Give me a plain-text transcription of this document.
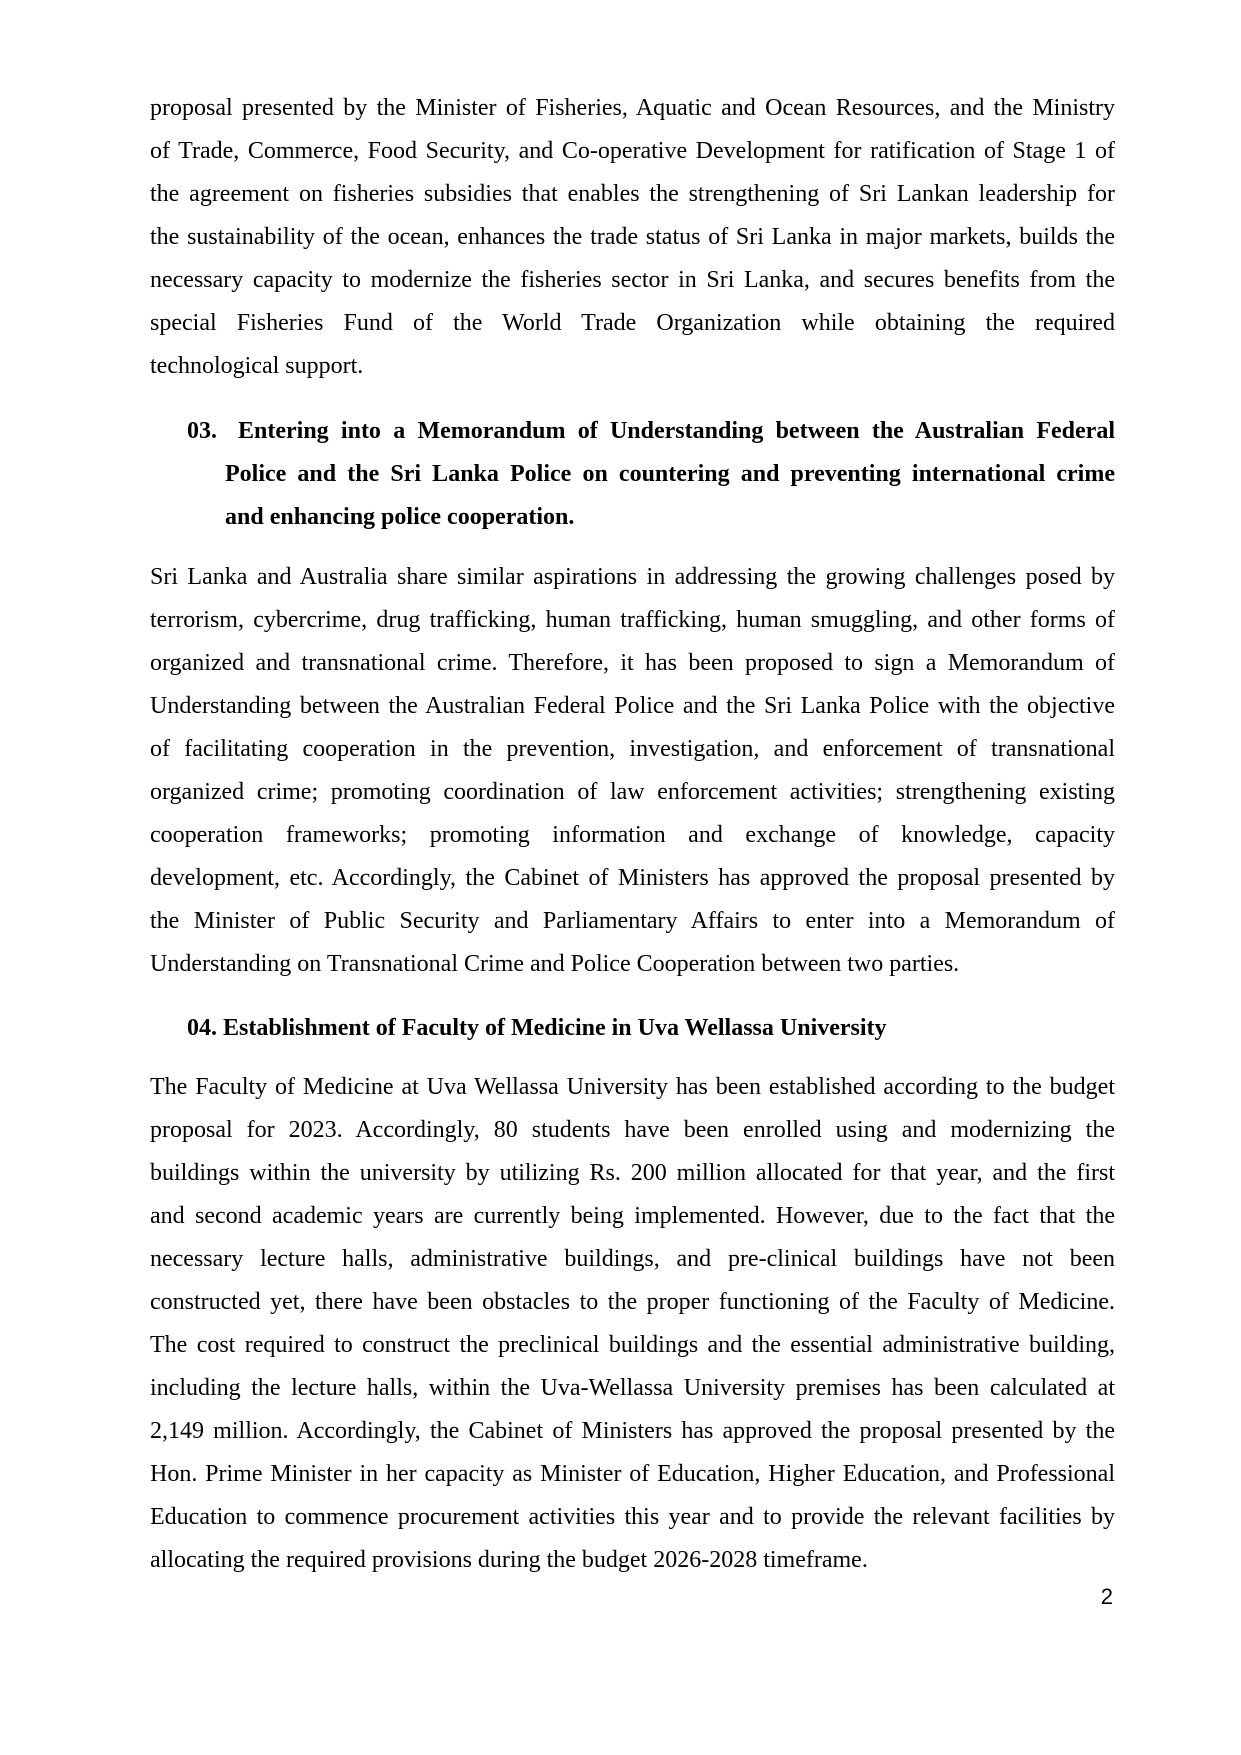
proposal presented by the Minister of Fisheries, Aquatic and Ocean Resources, and the Ministry
of Trade, Commerce, Food Security, and Co-operative Development for ratification of Stage 1 of
the agreement on fisheries subsidies that enables the strengthening of Sri Lankan leadership for
the sustainability of the ocean, enhances the trade status of Sri Lanka in major markets, builds the
necessary capacity to modernize the fisheries sector in Sri Lanka, and secures benefits from the
special Fisheries Fund of the World Trade Organization while obtaining the required
technological support.
03. Entering into a Memorandum of Understanding between the Australian Federal
Police and the Sri Lanka Police on countering and preventing international crime
and enhancing police cooperation.
Sri Lanka and Australia share similar aspirations in addressing the growing challenges posed by
terrorism, cybercrime, drug trafficking, human trafficking, human smuggling, and other forms of
organized and transnational crime. Therefore, it has been proposed to sign a Memorandum of
Understanding between the Australian Federal Police and the Sri Lanka Police with the objective
of facilitating cooperation in the prevention, investigation, and enforcement of transnational
organized crime; promoting coordination of law enforcement activities; strengthening existing
cooperation frameworks; promoting information and exchange of knowledge, capacity
development, etc. Accordingly, the Cabinet of Ministers has approved the proposal presented by
the Minister of Public Security and Parliamentary Affairs to enter into a Memorandum of
Understanding on Transnational Crime and Police Cooperation between two parties.
04. Establishment of Faculty of Medicine in Uva Wellassa University
The Faculty of Medicine at Uva Wellassa University has been established according to the budget
proposal for 2023. Accordingly, 80 students have been enrolled using and modernizing the
buildings within the university by utilizing Rs. 200 million allocated for that year, and the first
and second academic years are currently being implemented. However, due to the fact that the
necessary lecture halls, administrative buildings, and pre-clinical buildings have not been
constructed yet, there have been obstacles to the proper functioning of the Faculty of Medicine.
The cost required to construct the preclinical buildings and the essential administrative building,
including the lecture halls, within the Uva-Wellassa University premises has been calculated at
2,149 million. Accordingly, the Cabinet of Ministers has approved the proposal presented by the
Hon. Prime Minister in her capacity as Minister of Education, Higher Education, and Professional
Education to commence procurement activities this year and to provide the relevant facilities by
allocating the required provisions during the budget 2026-2028 timeframe.
2
